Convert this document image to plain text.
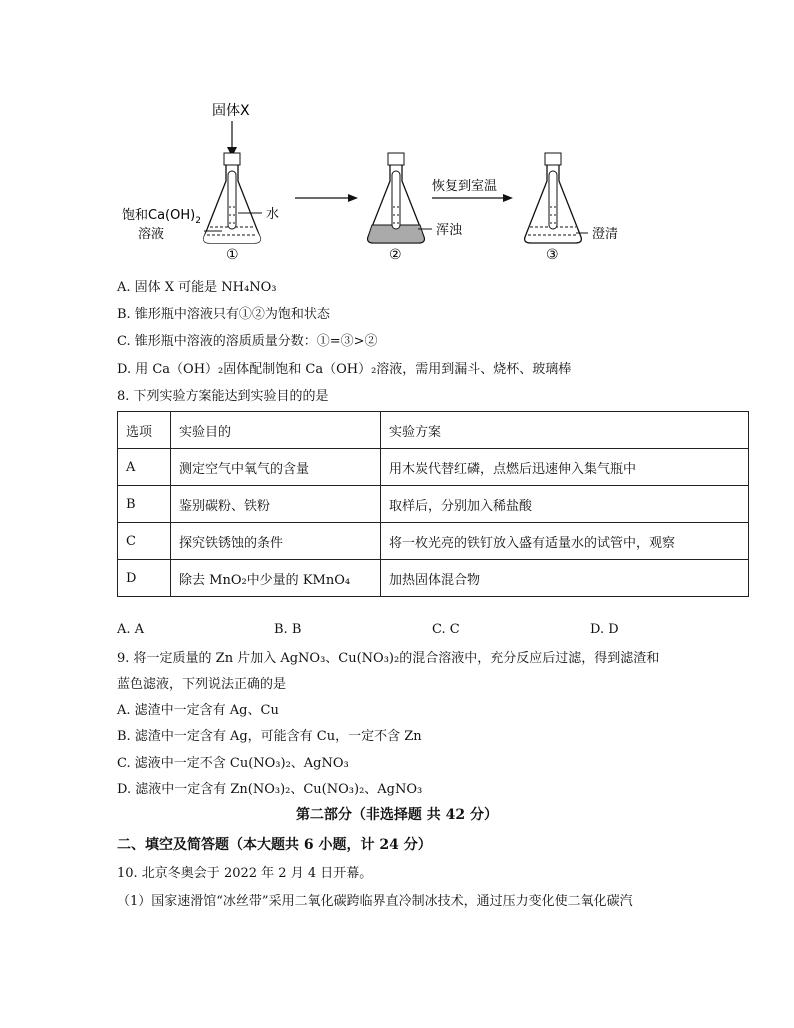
固体X
饱和$Ca(OH)_2$
溶液
水
①
浑浊
②
恢复到室温
澄清
③
A. 固体 X 可能是 NH₄NO₃
B. 锥形瓶中溶液只有①②为饱和状态
C. 锥形瓶中溶液的溶质质量分数：①=③>②
D. 用 Ca（OH）₂固体配制饱和 Ca（OH）₂溶液，需用到漏斗、烧杯、玻璃棒
8. 下列实验方案能达到实验目的的是
选项	实验目的	实验方案
A	测定空气中氧气的含量	用木炭代替红磷，点燃后迅速伸入集气瓶中
B	鉴别碳粉、铁粉	取样后，分别加入稀盐酸
C	探究铁锈蚀的条件	将一枚光亮的铁钉放入盛有适量水的试管中，观察
D	除去 MnO₂中少量的 KMnO₄	加热固体混合物
A. A	B. B	C. C	D. D
9. 将一定质量的 Zn 片加入 AgNO₃、Cu(NO₃)₂的混合溶液中，充分反应后过滤，得到滤渣和
蓝色滤液，下列说法正确的是
A. 滤渣中一定含有 Ag、Cu
B. 滤渣中一定含有 Ag，可能含有 Cu，一定不含 Zn
C. 滤液中一定不含 Cu(NO₃)₂、AgNO₃
D. 滤液中一定含有 Zn(NO₃)₂、Cu(NO₃)₂、AgNO₃
第二部分（非选择题 共 42 分）
二、填空及简答题（本大题共 6 小题，计 24 分）
10. 北京冬奥会于 2022 年 2 月 4 日开幕。
（1）国家速滑馆“冰丝带”采用二氧化碳跨临界直冷制冰技术，通过压力变化使二氧化碳汽
